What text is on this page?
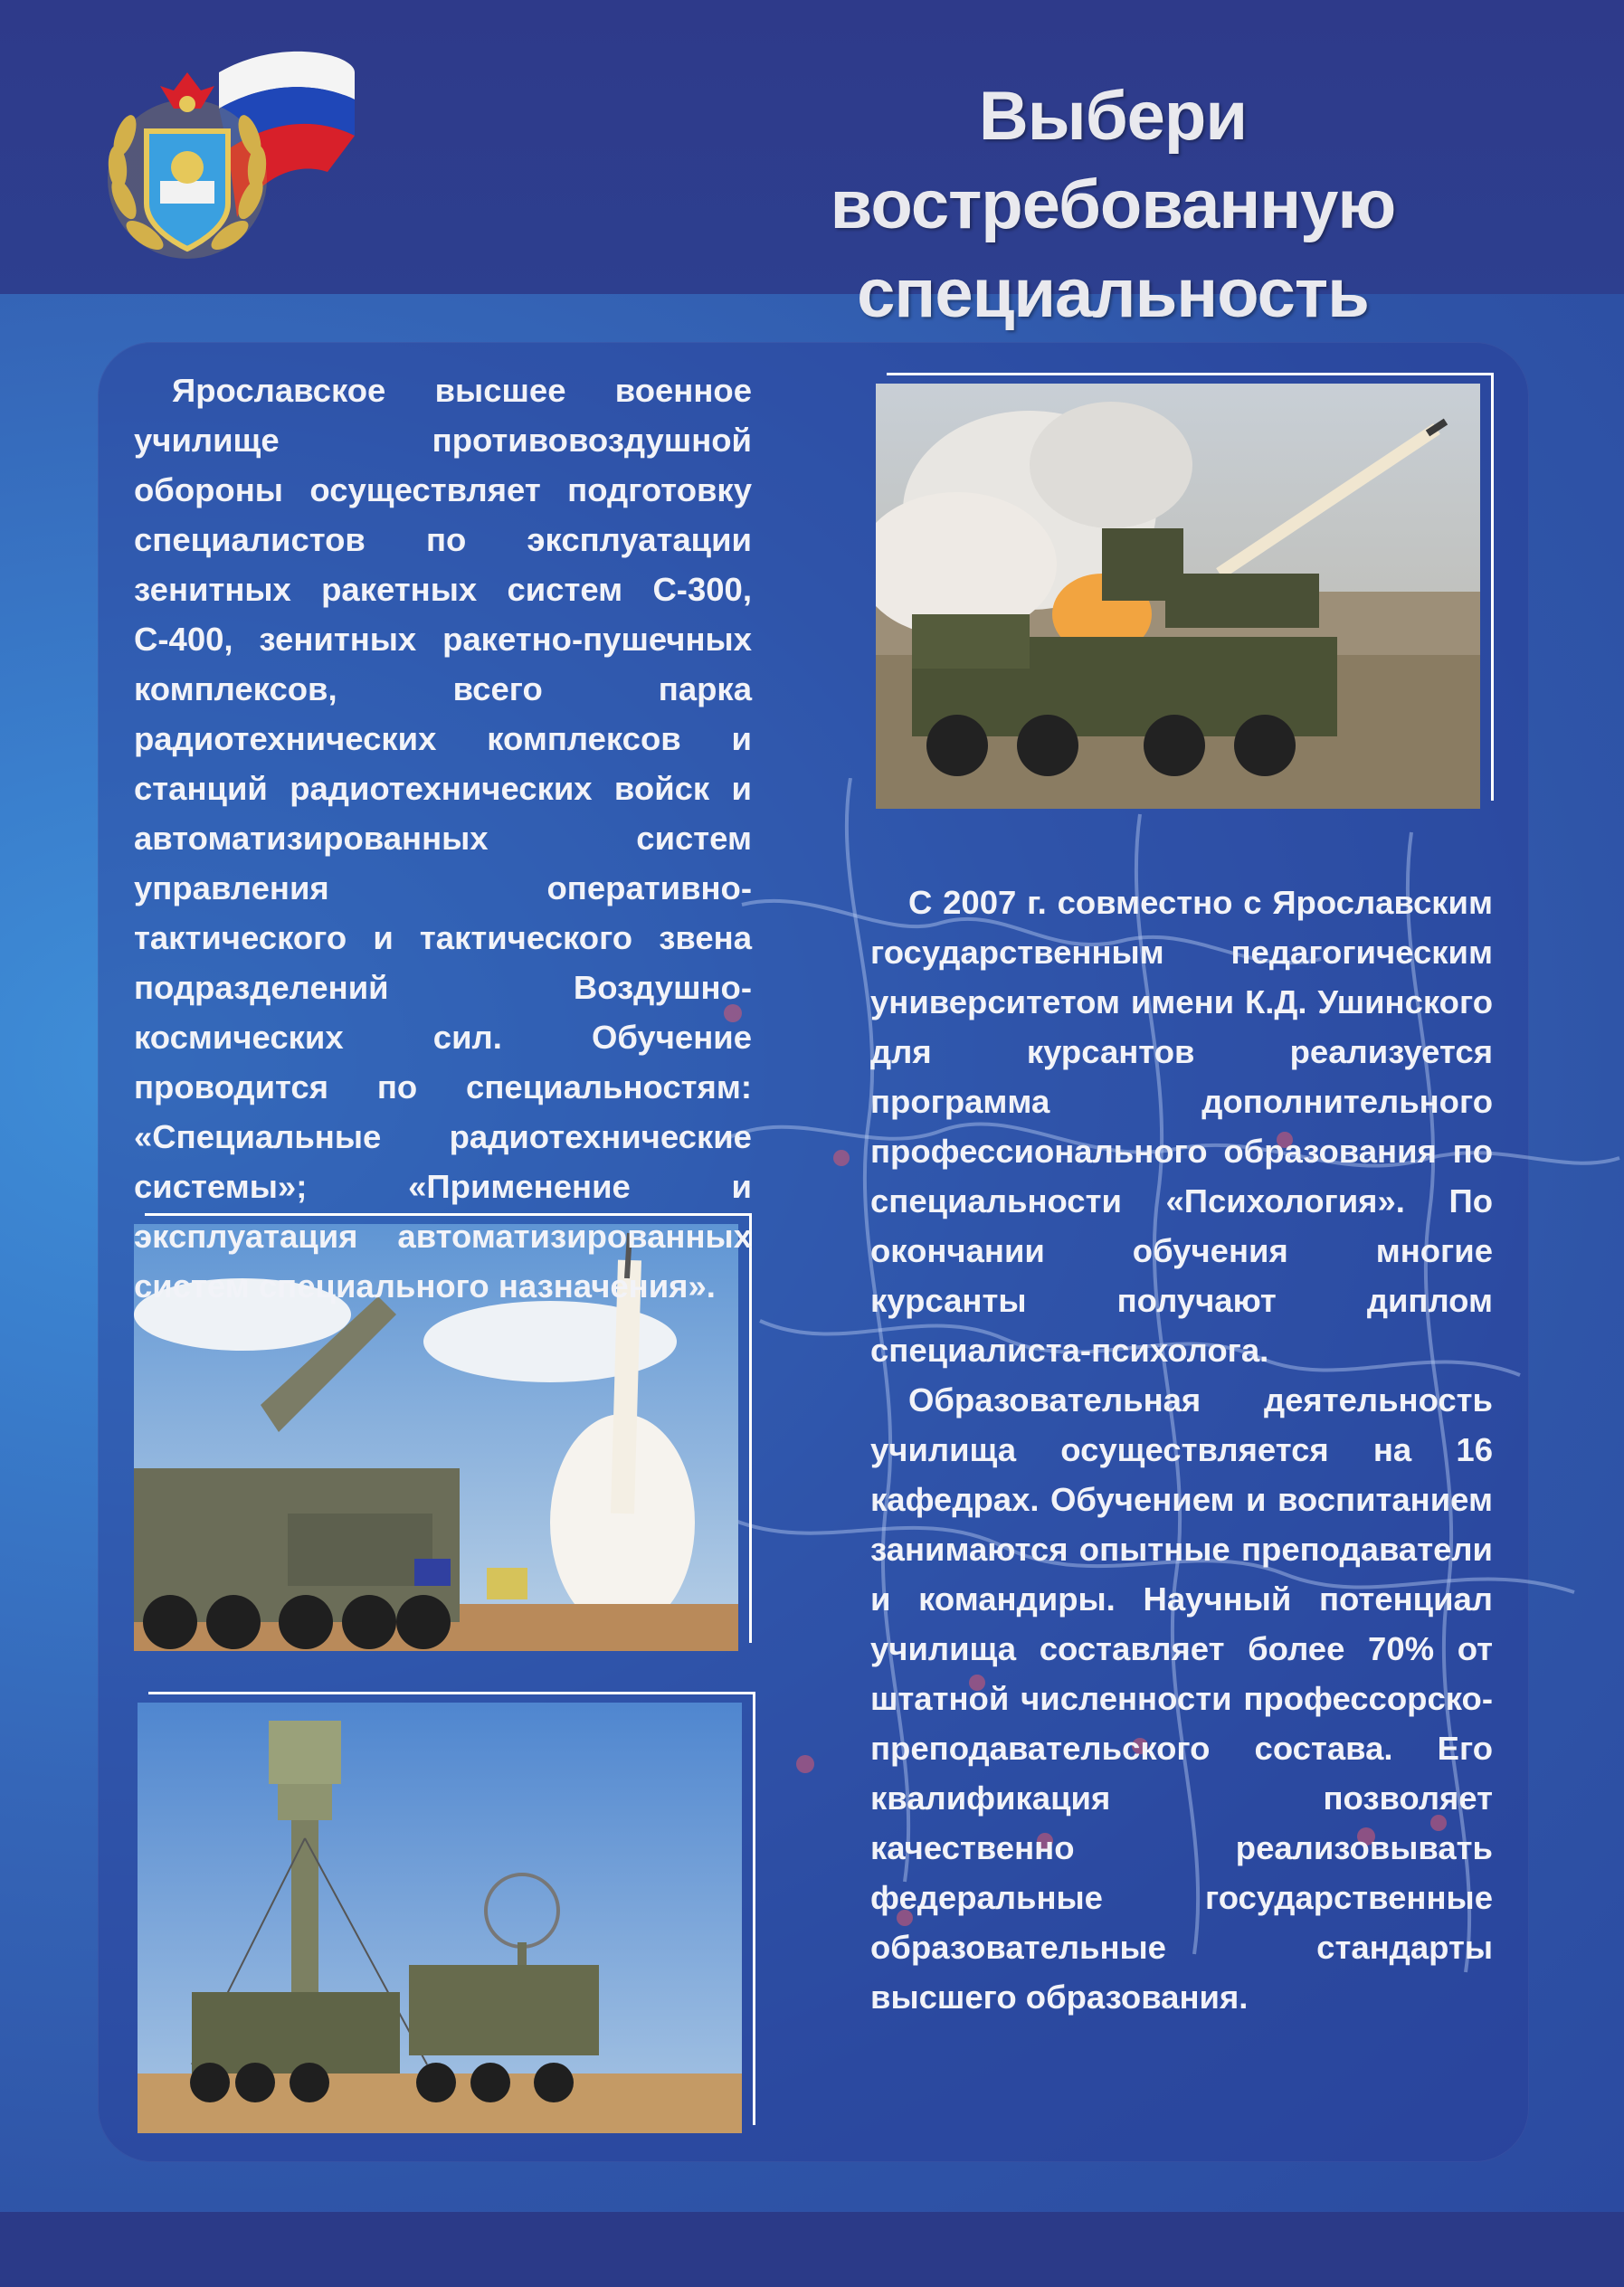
Выбери востребованную
специальность

Ярославское высшее военное училище противовоздушной обороны осуществляет подготовку специалистов по эксплуатации зенитных ракетных систем С-300, С-400, зенитных ракетно-пушечных комплексов, всего парка радиотехнических комплексов и станций радиотехнических войск и автоматизированных систем управления оперативно-тактического и тактического звена подразделений Воздушно-космических сил. Обучение проводится по специальностям: «Специальные радиотехнические системы»; «Применение и эксплуатация автоматизированных систем специального назначения».

С 2007 г. совместно с Ярославским государственным педагогическим университетом имени К.Д. Ушинского для курсантов реализуется программа дополнительного профессионального образования по специальности «Психология». По окончании обучения многие курсанты получают диплом специалиста-психолога.

Образовательная деятельность училища осуществляется на 16 кафедрах. Обучением и воспитанием занимаются опытные преподаватели и командиры. Научный потенциал училища составляет более 70% от штатной численности профессорско-преподавательского состава. Его квалификация позволяет качественно реализовывать федеральные государственные образовательные стандарты высшего образования.
